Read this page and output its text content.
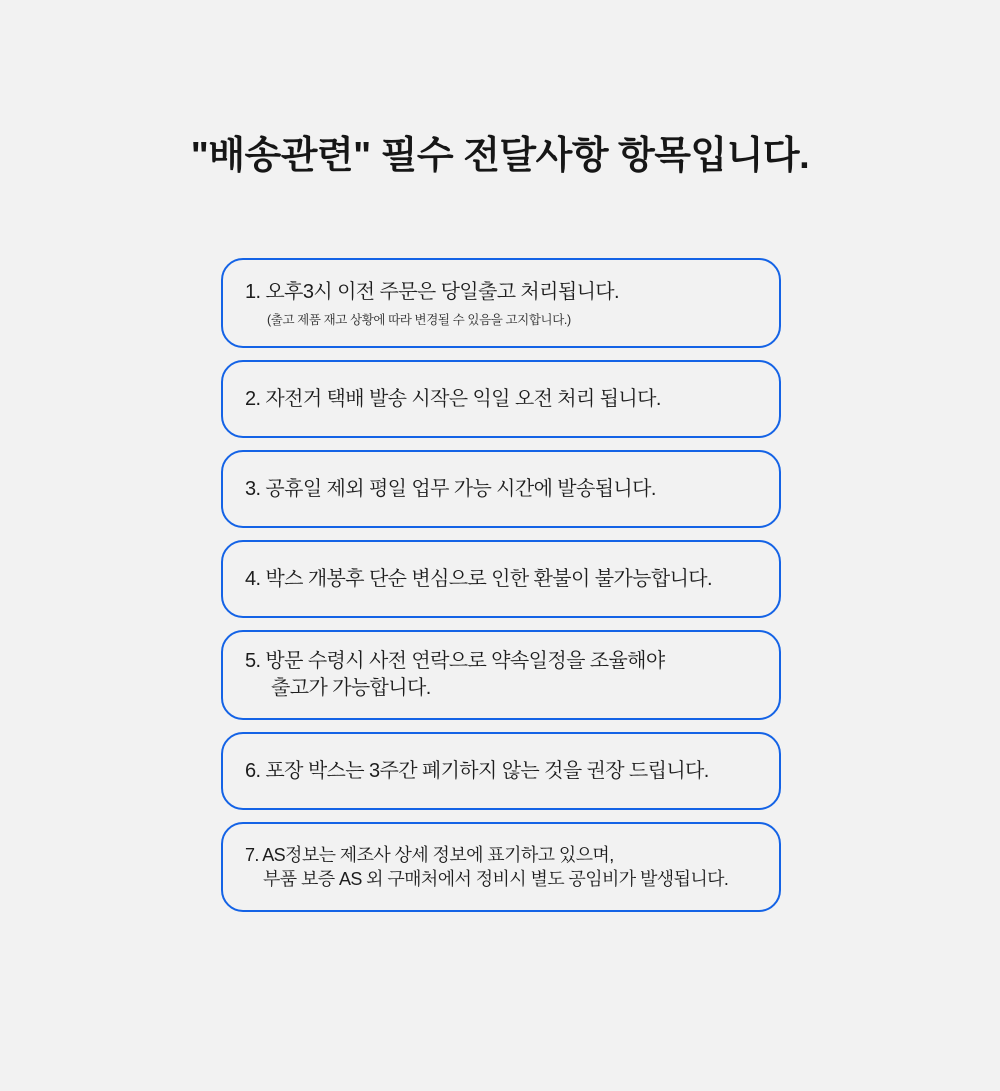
"배송관련" 필수 전달사항 항목입니다.
1. 오후3시 이전 주문은 당일출고 처리됩니다.
(출고 제품 재고 상황에 따라 변경될 수 있음을 고지합니다.)
2. 자전거 택배 발송 시작은 익일 오전 처리 됩니다.
3. 공휴일 제외 평일 업무 가능 시간에 발송됩니다.
4. 박스 개봉후 단순 변심으로 인한 환불이 불가능합니다.
5. 방문 수령시 사전 연락으로 약속일정을 조율해야
출고가 가능합니다.
6. 포장 박스는 3주간 폐기하지 않는 것을 권장 드립니다.
7. AS정보는 제조사 상세 정보에 표기하고 있으며,
부품 보증 AS 외 구매처에서 정비시 별도 공임비가 발생됩니다.
